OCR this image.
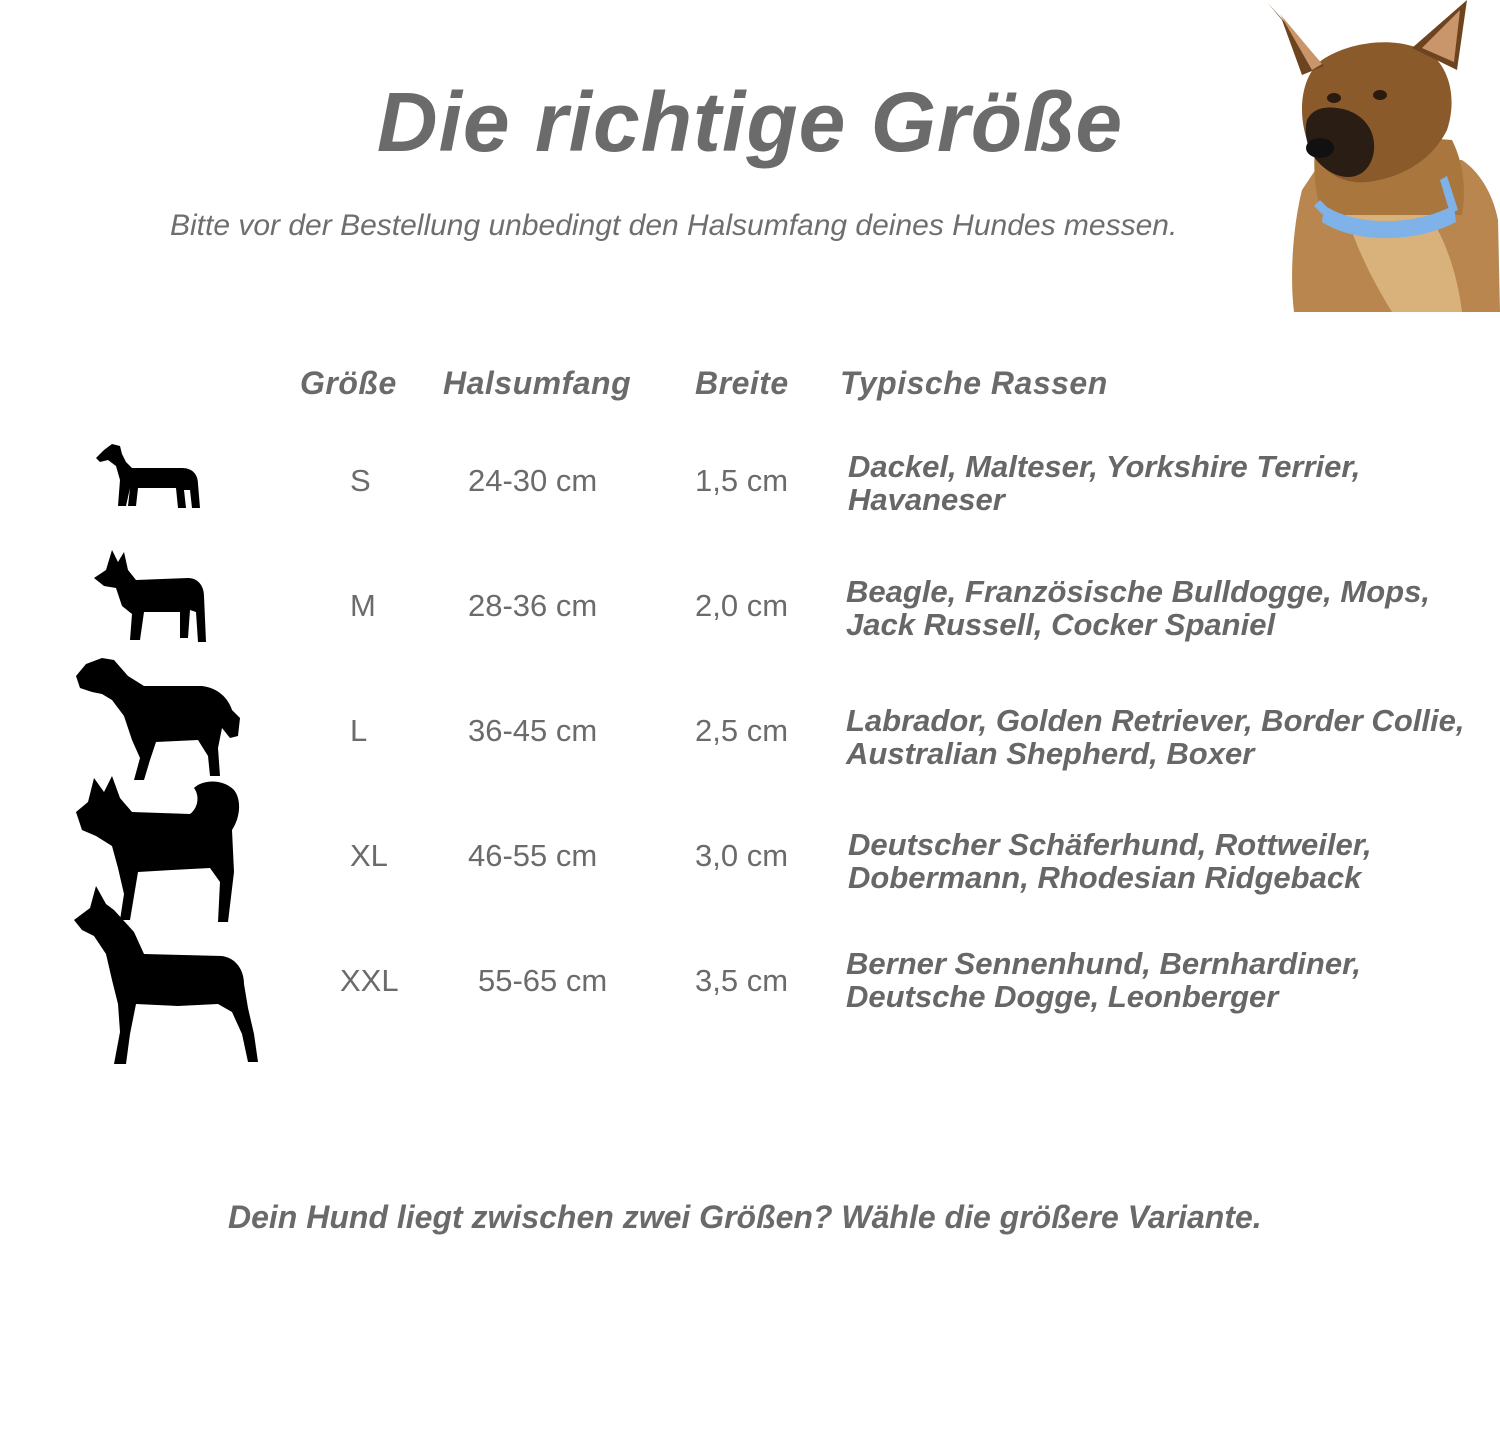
Die richtige Größe
Bitte vor der Bestellung unbedingt den Halsumfang deines Hundes messen.
Größe Halsumfang Breite Typische Rassen
S	24-30 cm	1,5 cm Dackel, Malteser, Yorkshire Terrier,
Havaneser
M	28-36 cm	2,0 cm Beagle, Französische Bulldogge, Mops,
Jack Russell, Cocker Spaniel
L	36-45 cm	2,5 cm Labrador, Golden Retriever, Border Collie,
Australian Shepherd, Boxer
XL	46-55 cm	3,0 cm Deutscher Schäferhund, Rottweiler,
Dobermann, Rhodesian Ridgeback
XXL	55-65 cm	3,5 cm Berner Sennenhund, Bernhardiner,
Deutsche Dogge, Leonberger
Dein Hund liegt zwischen zwei Größen? Wähle die größere Variante.
